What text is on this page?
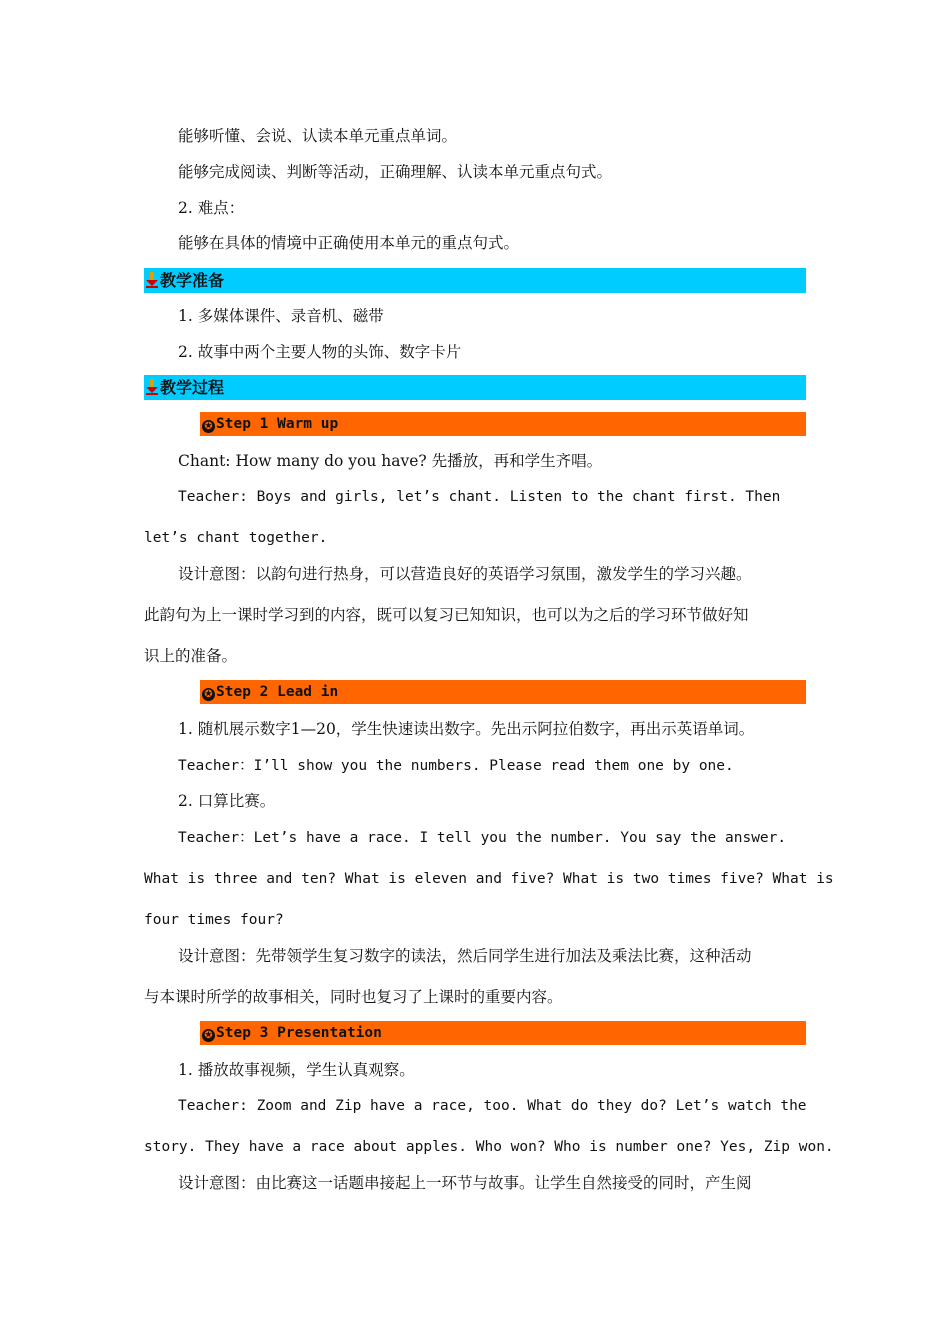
能够听懂、会说、认读本单元重点单词。
能够完成阅读、判断等活动，正确理解、认读本单元重点句式。
2. 难点：
能够在具体的情境中正确使用本单元的重点句式。
教学准备
1. 多媒体课件、录音机、磁带
2. 故事中两个主要人物的头饰、数字卡片
教学过程
✪ Step 1 Warm up
Chant: How many do you have? 先播放，再和学生齐唱。
Teacher: Boys and girls, let’s chant. Listen to the chant first. Then
let’s chant together.
设计意图：以韵句进行热身，可以营造良好的英语学习氛围，激发学生的学习兴趣。
此韵句为上一课时学习到的内容，既可以复习已知知识，也可以为之后的学习环节做好知
识上的准备。
✪ Step 2 Lead in
1. 随机展示数字1—20，学生快速读出数字。先出示阿拉伯数字，再出示英语单词。
Teacher：I’ll show you the numbers. Please read them one by one.
2. 口算比赛。
Teacher：Let’s have a race. I tell you the number. You say the answer.
What is three and ten? What is eleven and five? What is two times five? What is
four times four?
设计意图：先带领学生复习数字的读法，然后同学生进行加法及乘法比赛，这种活动
与本课时所学的故事相关，同时也复习了上课时的重要内容。
✪ Step 3 Presentation
1. 播放故事视频，学生认真观察。
Teacher: Zoom and Zip have a race, too. What do they do? Let’s watch the
story. They have a race about apples. Who won? Who is number one? Yes, Zip won.
设计意图：由比赛这一话题串接起上一环节与故事。让学生自然接受的同时，产生阅
